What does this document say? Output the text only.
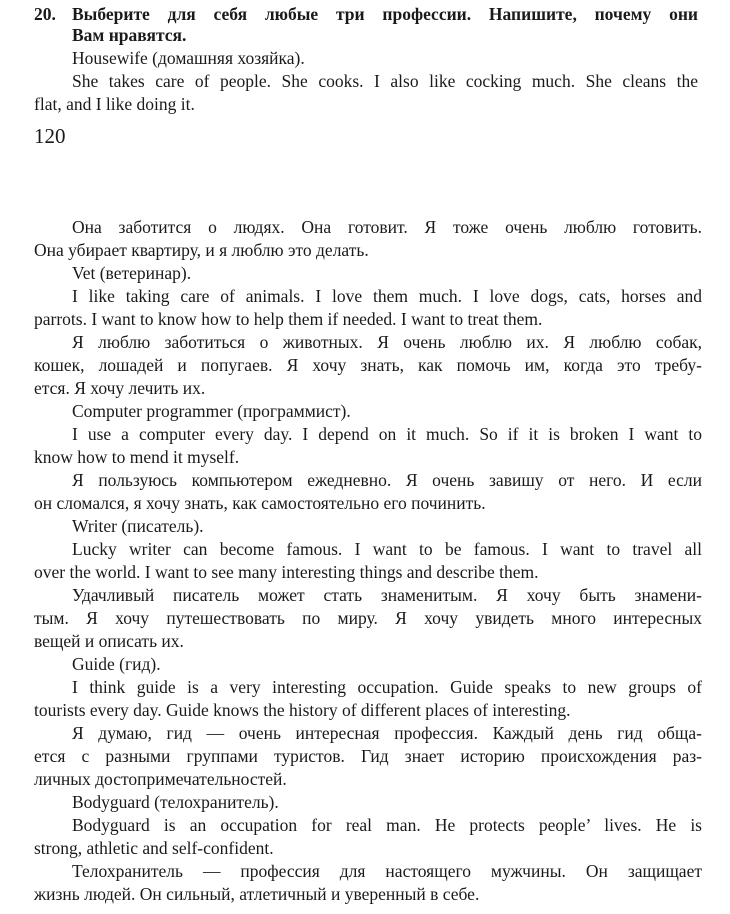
20. Выберите для себя любые три профессии. Напишите, почему они
Вам нравятся.
Housewife (домашняя хозяйка).
She takes care of people. She cooks. I also like cocking much. She cleans the
flat, and I like doing it.
120
Она заботится о людях. Она готовит. Я тоже очень люблю готовить.
Она убирает квартиру, и я люблю это делать.
Vet (ветеринар).
I like taking care of animals. I love them much. I love dogs, cats, horses and
parrots. I want to know how to help them if needed. I want to treat them.
Я люблю заботиться о животных. Я очень люблю их. Я люблю собак,
кошек, лошадей и попугаев. Я хочу знать, как помочь им, когда это требу-
ется. Я хочу лечить их.
Computer programmer (программист).
I use a computer every day. I depend on it much. So if it is broken I want to
know how to mend it myself.
Я пользуюсь компьютером ежедневно. Я очень завишу от него. И если
он сломался, я хочу знать, как самостоятельно его починить.
Writer (писатель).
Lucky writer can become famous. I want to be famous. I want to travel all
over the world. I want to see many interesting things and describe them.
Удачливый писатель может стать знаменитым. Я хочу быть знамени-
тым. Я хочу путешествовать по миру. Я хочу увидеть много интересных
вещей и описать их.
Guide (гид).
I think guide is a very interesting occupation. Guide speaks to new groups of
tourists every day. Guide knows the history of different places of interesting.
Я думаю, гид — очень интересная профессия. Каждый день гид обща-
ется с разными группами туристов. Гид знает историю происхождения раз-
личных достопримечательностей.
Bodyguard (телохранитель).
Bodyguard is an occupation for real man. He protects people’ lives. He is
strong, athletic and self-confident.
Телохранитель — профессия для настоящего мужчины. Он защищает
жизнь людей. Он сильный, атлетичный и уверенный в себе.
